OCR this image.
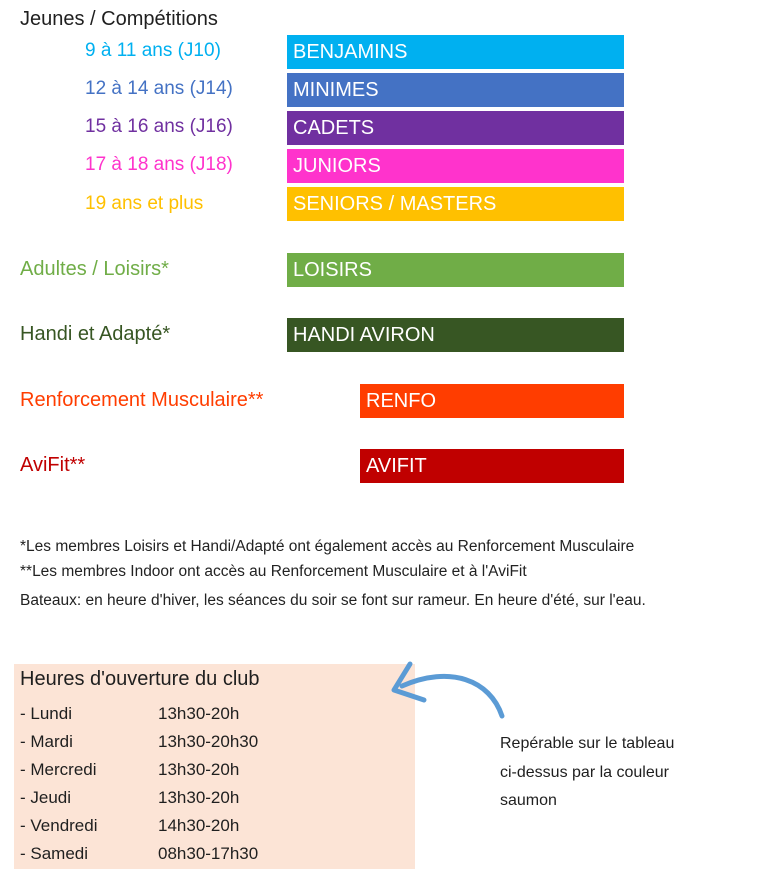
Jeunes / Compétitions
9 à 11 ans (J10)	BENJAMINS
12 à 14 ans (J14)	MINIMES
15 à 16 ans (J16)	CADETS
17 à 18 ans (J18)	JUNIORS
19 ans et plus	SENIORS / MASTERS
Adultes / Loisirs*	LOISIRS
Handi et Adapté*	HANDI AVIRON
Renforcement Musculaire**	RENFO
AviFit**	AVIFIT
*Les membres Loisirs et Handi/Adapté ont également accès au Renforcement Musculaire
**Les membres Indoor ont accès au Renforcement Musculaire et à l'AviFit
Bateaux: en heure d'hiver, les séances du soir se font sur rameur. En heure d'été, sur l'eau.
Heures d'ouverture du club
- Lundi	13h30-20h
- Mardi	13h30-20h30
- Mercredi	13h30-20h
- Jeudi	13h30-20h
- Vendredi	14h30-20h
- Samedi	08h30-17h30
Repérable sur le tableau
ci-dessus par la couleur
saumon
